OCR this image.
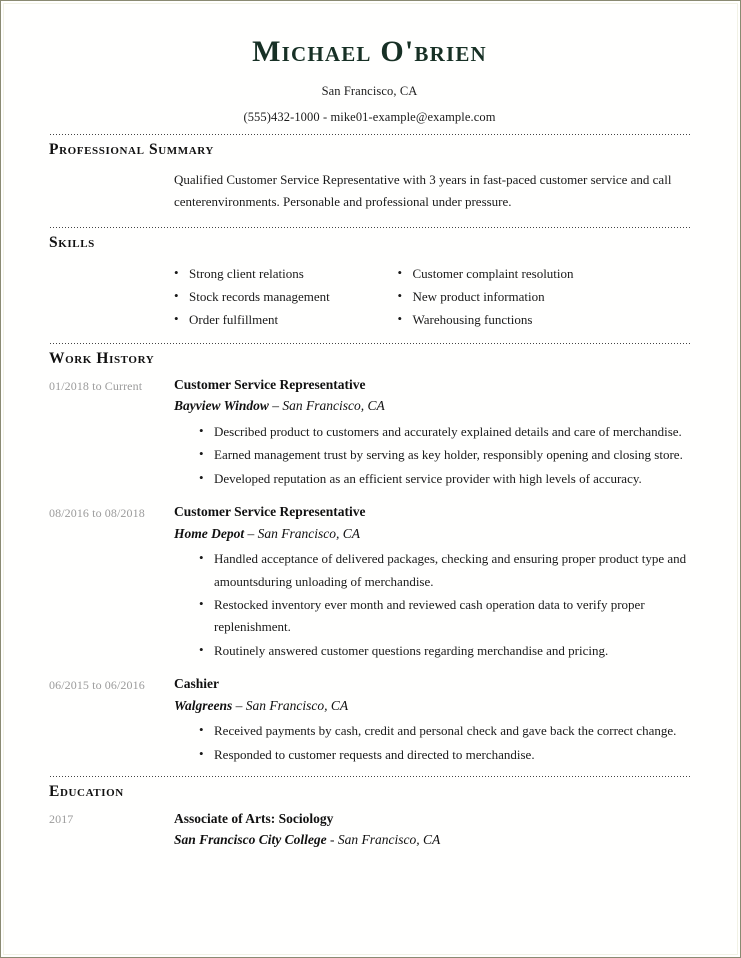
Michael O'brien
San Francisco, CA
(555)432-1000 - mike01-example@example.com
Professional Summary
Qualified Customer Service Representative with 3 years in fast-paced customer service and call centerenvironments. Personable and professional under pressure.
Skills
• Strong client relations
• Stock records management
• Order fulfillment
• Customer complaint resolution
• New product information
• Warehousing functions
Work History
01/2018 to Current	Customer Service Representative
Bayview Window – San Francisco, CA
• Described product to customers and accurately explained details and care of merchandise.
• Earned management trust by serving as key holder, responsibly opening and closing store.
• Developed reputation as an efficient service provider with high levels of accuracy.
08/2016 to 08/2018	Customer Service Representative
Home Depot – San Francisco, CA
• Handled acceptance of delivered packages, checking and ensuring proper product type and amountsduring unloading of merchandise.
• Restocked inventory ever month and reviewed cash operation data to verify proper replenishment.
• Routinely answered customer questions regarding merchandise and pricing.
06/2015 to 06/2016	Cashier
Walgreens – San Francisco, CA
• Received payments by cash, credit and personal check and gave back the correct change.
• Responded to customer requests and directed to merchandise.
Education
2017	Associate of Arts: Sociology
San Francisco City College - San Francisco, CA
